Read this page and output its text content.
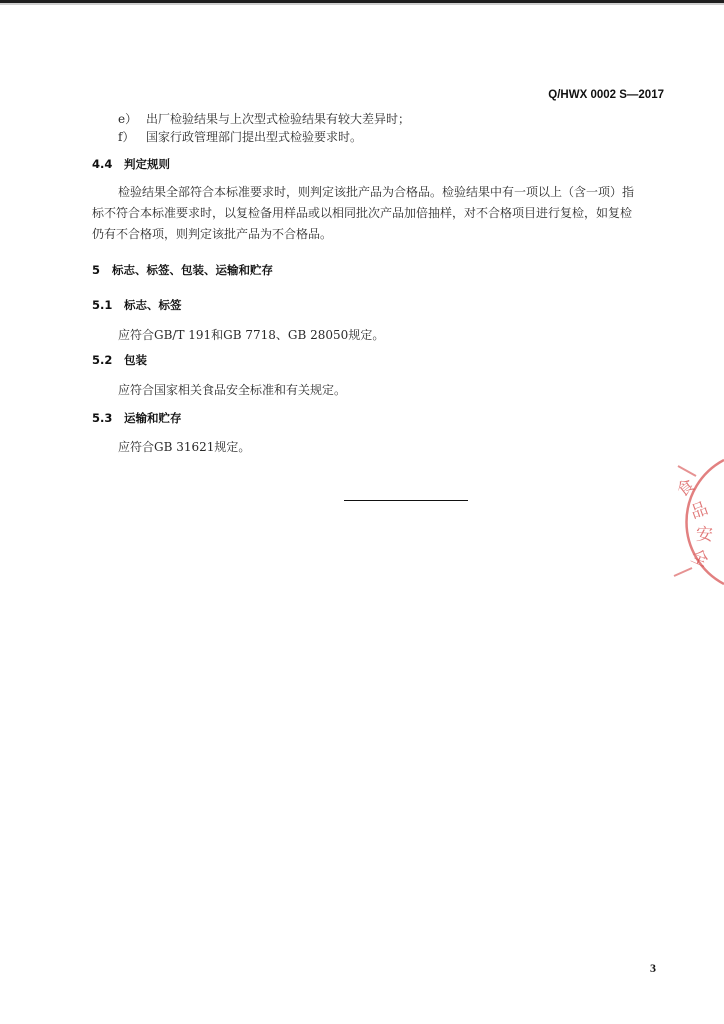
Q/HWX 0002 S—2017
e） 出厂检验结果与上次型式检验结果有较大差异时；
f） 国家行政管理部门提出型式检验要求时。
4.4 判定规则
检验结果全部符合本标准要求时，则判定该批产品为合格品。检验结果中有一项以上（含一项）指
标不符合本标准要求时，以复检备用样品或以相同批次产品加倍抽样，对不合格项目进行复检，如复检
仍有不合格项，则判定该批产品为不合格品。
5 标志、标签、包装、运输和贮存
5.1 标志、标签
应符合GB/T 191和GB 7718、GB 28050规定。
5.2 包装
应符合国家相关食品安全标准和有关规定。
5.3 运输和贮存
应符合GB 31621规定。
食
品
安
全
3
